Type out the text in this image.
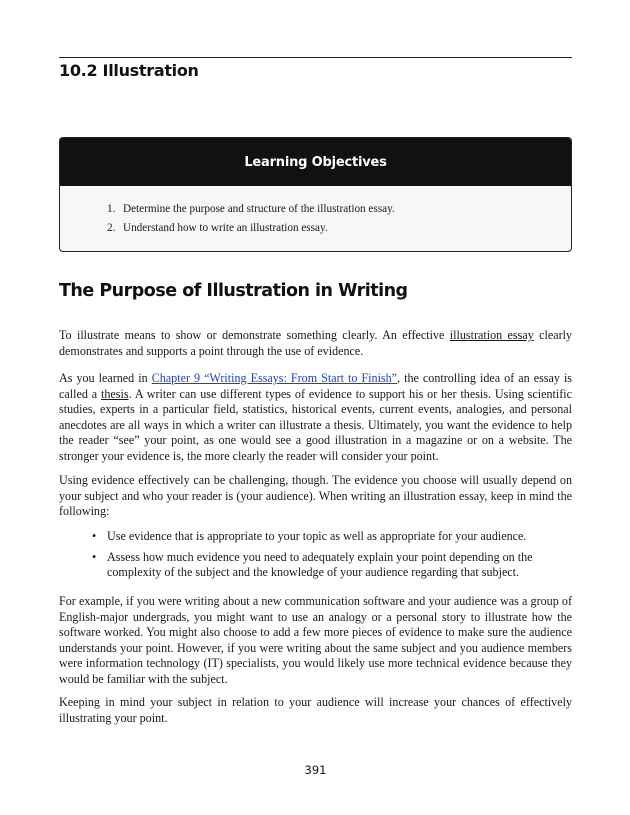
10.2 Illustration
Learning Objectives
1. Determine the purpose and structure of the illustration essay.
2. Understand how to write an illustration essay.
The Purpose of Illustration in Writing

To illustrate means to show or demonstrate something clearly. An effective illustration essay clearly demonstrates and supports a point through the use of evidence.

As you learned in Chapter 9 “Writing Essays: From Start to Finish”, the controlling idea of an essay is called a thesis. A writer can use different types of evidence to support his or her thesis. Using scientific studies, experts in a particular field, statistics, historical events, current events, analogies, and personal anecdotes are all ways in which a writer can illustrate a thesis. Ultimately, you want the evidence to help the reader “see” your point, as one would see a good illustration in a magazine or on a website. The stronger your evidence is, the more clearly the reader will consider your point.

Using evidence effectively can be challenging, though. The evidence you choose will usually depend on your subject and who your reader is (your audience). When writing an illustration essay, keep in mind the following:

• Use evidence that is appropriate to your topic as well as appropriate for your audience.
• Assess how much evidence you need to adequately explain your point depending on the complexity of the subject and the knowledge of your audience regarding that subject.

For example, if you were writing about a new communication software and your audience was a group of English-major undergrads, you might want to use an analogy or a personal story to illustrate how the software worked. You might also choose to add a few more pieces of evidence to make sure the audience understands your point. However, if you were writing about the same subject and you audience members were information technology (IT) specialists, you would likely use more technical evidence because they would be familiar with the subject.

Keeping in mind your subject in relation to your audience will increase your chances of effectively illustrating your point.

391
